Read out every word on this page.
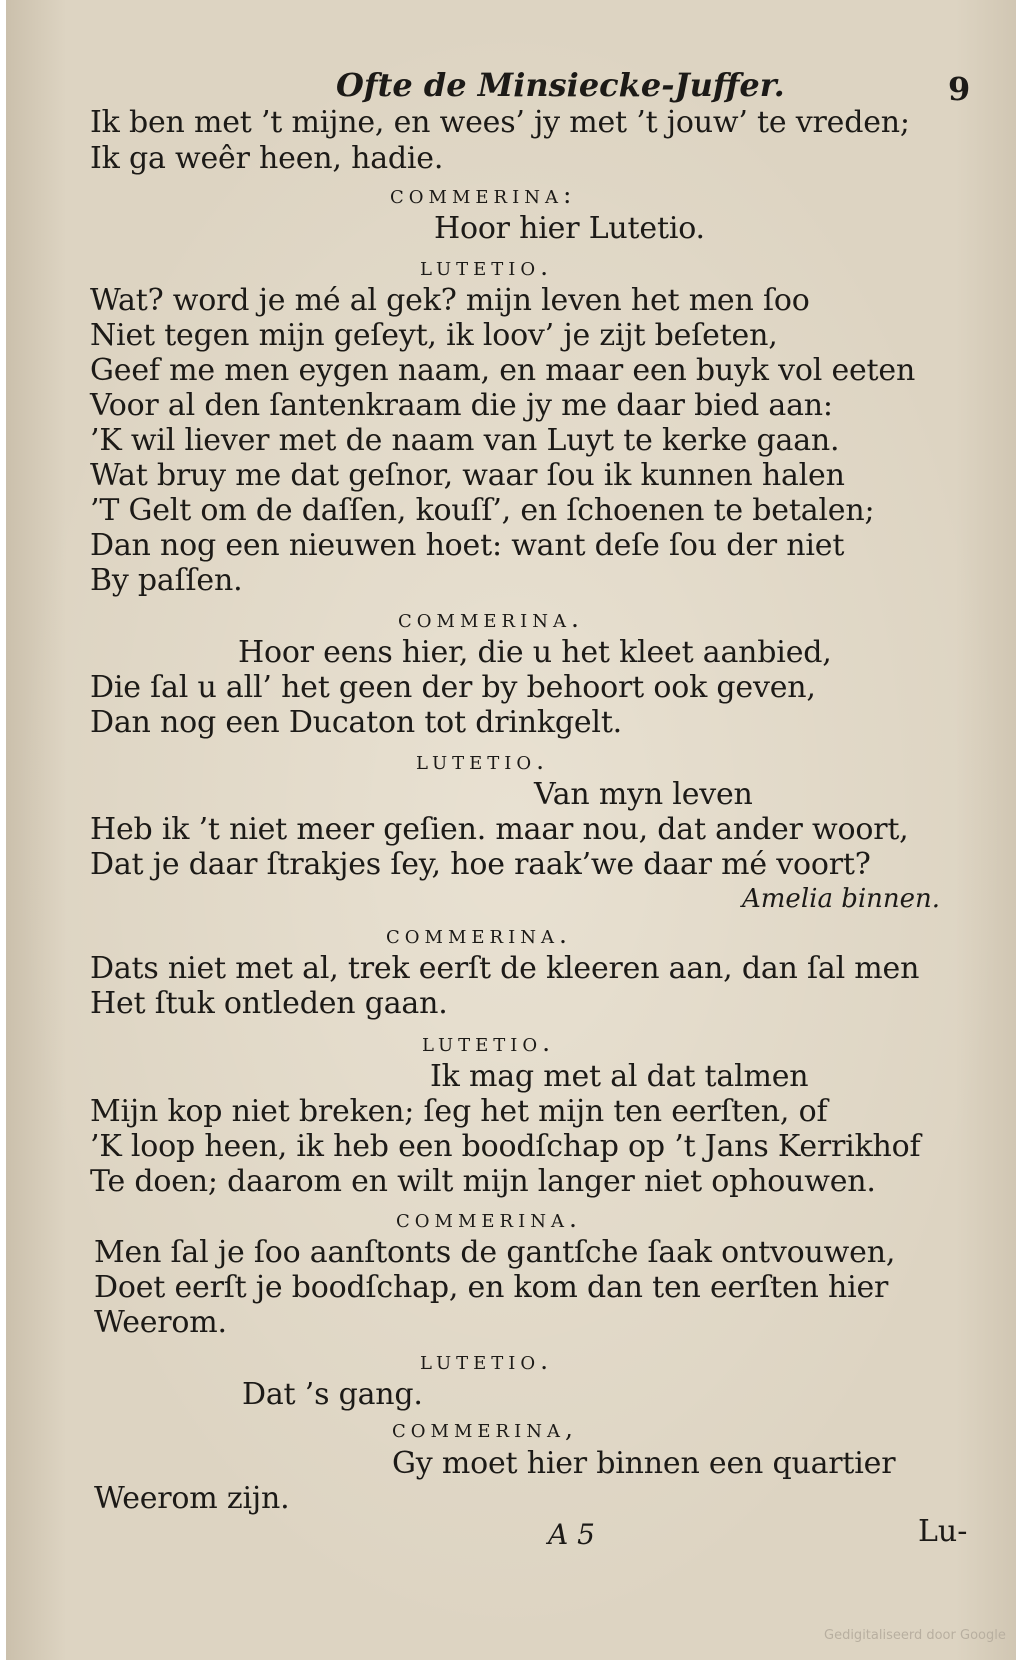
Ofte de Minsieckе-Juffer.	9
Ik ben met ’t mijne, en wees’ jy met ’t jouw’ te vreden;
Ik ga weêr heen, hadie.
commerina:
Hoor hier Lutetio.
lutetio.
Wat? word je mé al gek? mijn leven het men ſoo
Niet tegen mijn geſeyt, ik loov’ je zijt beſeten,
Geef me men eygen naam, en maar een buyk vol eeten
Voor al den ſantenkraam die jy me daar bied aan:
’K wil liever met de naam van Luyt te kerke gaan.
Wat bruy me dat geſnor, waar ſou ik kunnen halen
’T Gelt om de daſſen, kouſſ’, en ſchoenen te betalen;
Dan nog een nieuwen hoet: want deſe ſou der niet
By paſſen.
commerina.
Hoor eens hier, die u het kleet aanbied,
Die ſal u all’ het geen der by behoort ook geven,
Dan nog een Ducaton tot drinkgelt.
lutetio.
Van myn leven
Heb ik ’t niet meer geſien. maar nou, dat ander woort,
Dat je daar ſtrakjes ſey, hoe raak’we daar mé voort?
Amelia binnen.
commerina.
Dats niet met al, trek eerſt de kleeren aan, dan ſal men
Het ſtuk ontleden gaan.
lutetio.
Ik mag met al dat talmen
Mijn kop niet breken; ſeg het mijn ten eerſten, of
’K loop heen, ik heb een boodſchap op ’t Jans Kerrikhof
Te doen; daarom en wilt mijn langer niet ophouwen.
commerina.
Men ſal je ſoo aanſtonts de gantſche ſaak ontvouwen,
Doet eerſt je boodſchap, en kom dan ten eerſten hier
Weerom.
lutetio.
Dat ’s gang.
commerina,
Gy moet hier binnen een quartier
Weerom zijn.
A 5	Lu-
Gedigitaliseerd door Google
